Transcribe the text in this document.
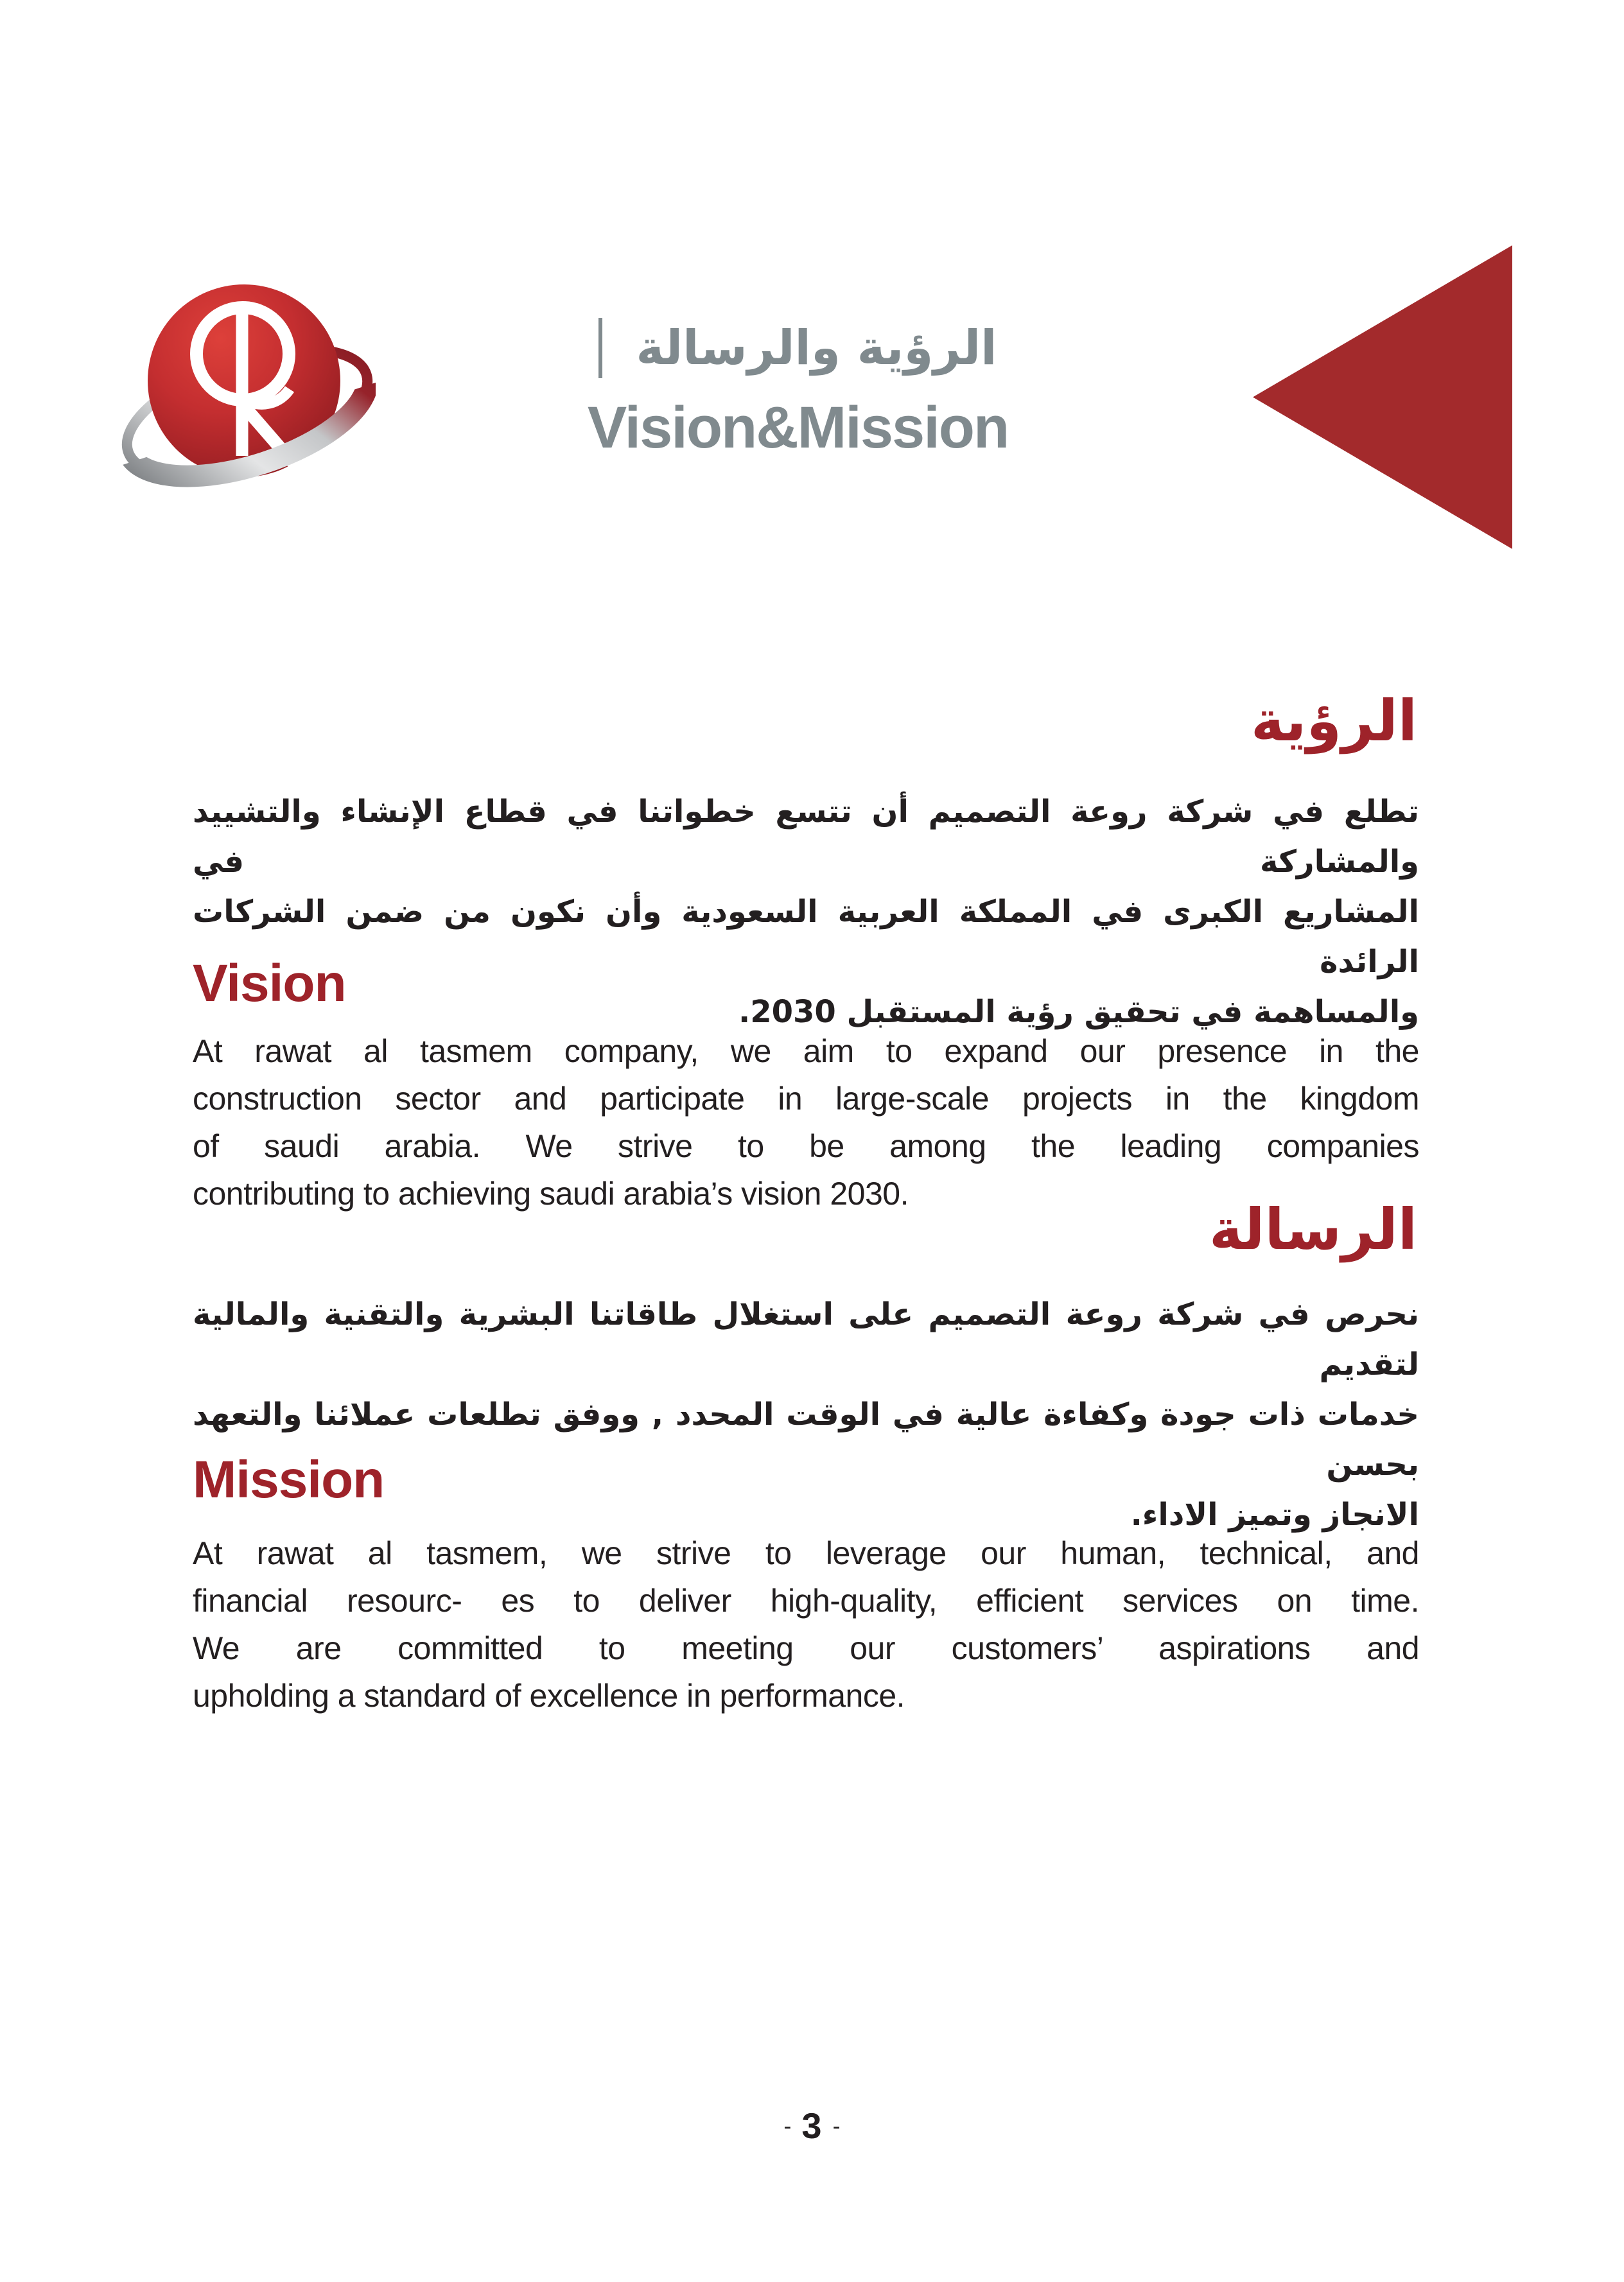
الرؤية والرسالة
Vision&Mission
الرؤية
تطلع في شركة روعة التصميم أن تتسع خطواتنا في قطاع الإنشاء والتشييد والمشاركة في
المشاريع الكبرى في المملكة العربية السعودية وأن نكون من ضمن الشركات الرائدة
والمساهمة في تحقيق رؤية المستقبل 2030.
Vision
At rawat al tasmem company, we aim to expand our presence in the
construction sector and participate in large-scale projects in the kingdom
of saudi arabia. We strive to be among the leading companies
contributing to achieving saudi arabia’s vision 2030.
الرسالة
نحرص في شركة روعة التصميم على استغلال طاقاتنا البشرية والتقنية والمالية لتقديم
خدمات ذات جودة وكفاءة عالية في الوقت المحدد , ووفق تطلعات عملائنا والتعهد بحسن
الانجاز وتميز الاداء.
Mission
At rawat al tasmem, we strive to leverage our human, technical, and
financial resourc- es to deliver high-quality, efficient services on time.
We are committed to meeting our customers’ aspirations and
upholding a standard of excellence in performance.
- 3 -
